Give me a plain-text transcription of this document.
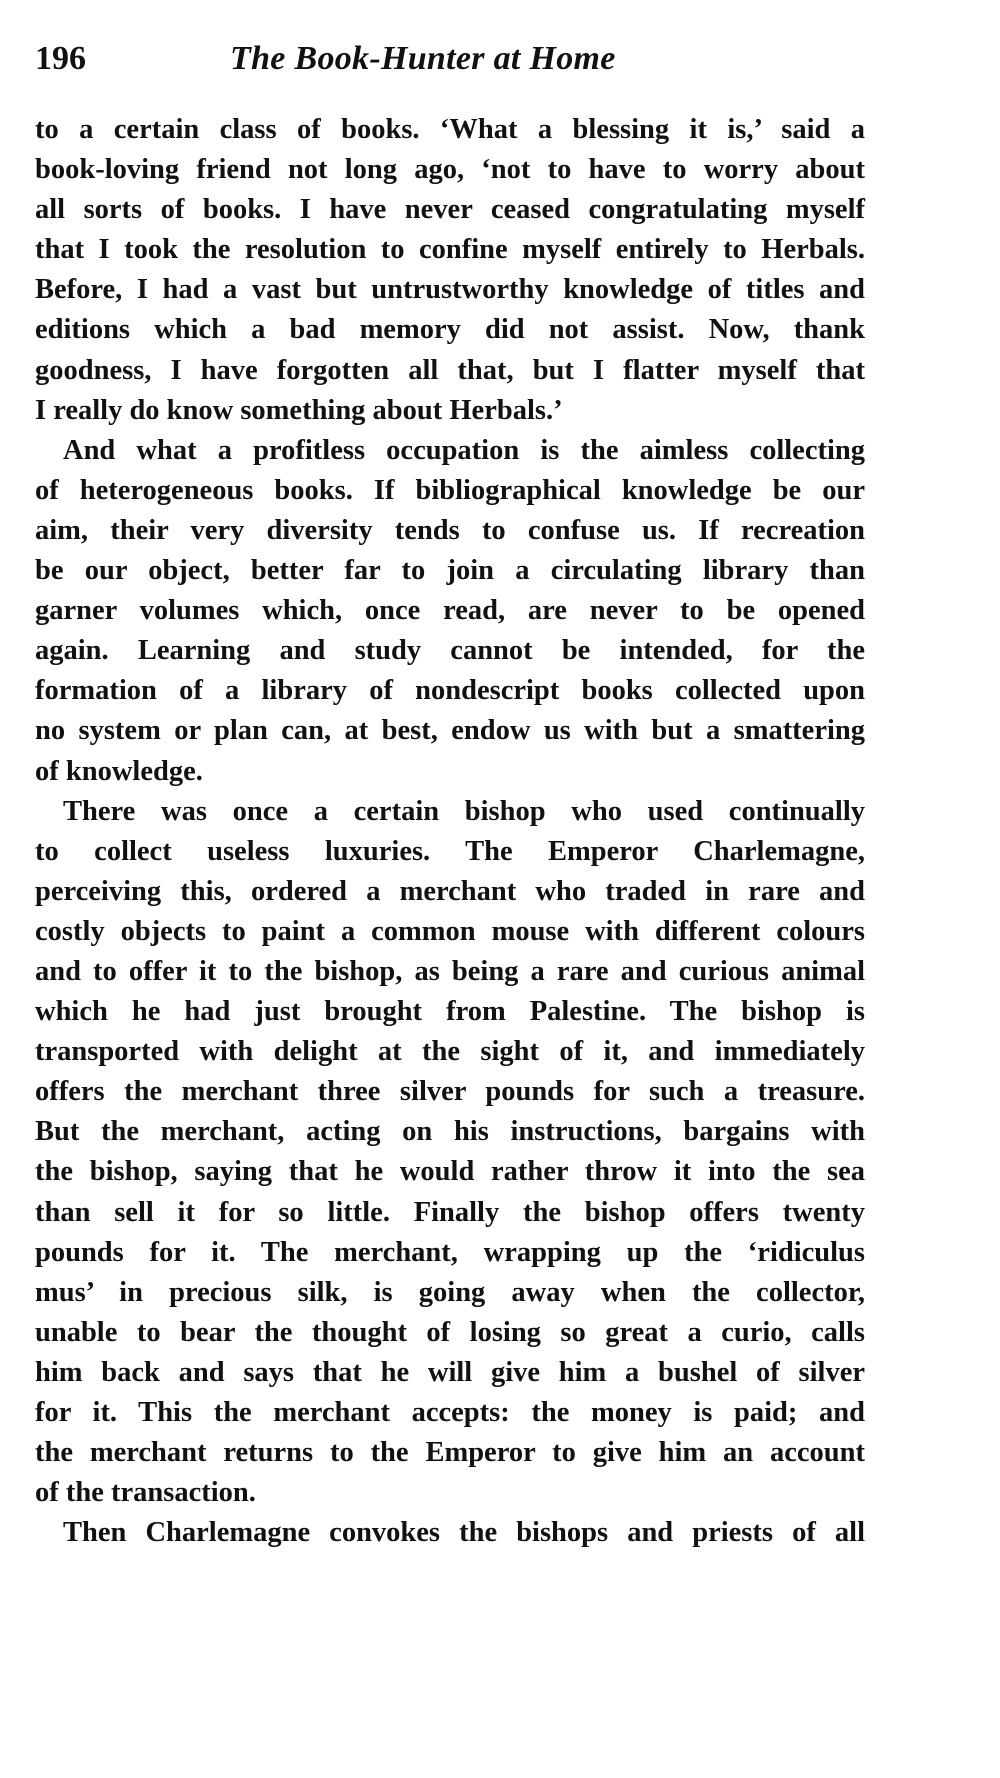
196	The Book-Hunter at Home
to a certain class of books. ‘What a blessing it is,’ said a
book-loving friend not long ago, ‘not to have to worry about
all sorts of books. I have never ceased congratulating myself
that I took the resolution to confine myself entirely to Herbals.
Before, I had a vast but untrustworthy knowledge of titles and
editions which a bad memory did not assist. Now, thank
goodness, I have forgotten all that, but I flatter myself that
I really do know something about Herbals.’
And what a profitless occupation is the aimless collecting
of heterogeneous books. If bibliographical knowledge be our
aim, their very diversity tends to confuse us. If recreation
be our object, better far to join a circulating library than
garner volumes which, once read, are never to be opened
again. Learning and study cannot be intended, for the
formation of a library of nondescript books collected upon
no system or plan can, at best, endow us with but a smattering
of knowledge.
There was once a certain bishop who used continually
to collect useless luxuries. The Emperor Charlemagne,
perceiving this, ordered a merchant who traded in rare and
costly objects to paint a common mouse with different colours
and to offer it to the bishop, as being a rare and curious animal
which he had just brought from Palestine. The bishop is
transported with delight at the sight of it, and immediately
offers the merchant three silver pounds for such a treasure.
But the merchant, acting on his instructions, bargains with
the bishop, saying that he would rather throw it into the sea
than sell it for so little. Finally the bishop offers twenty
pounds for it. The merchant, wrapping up the ‘ridiculus
mus’ in precious silk, is going away when the collector,
unable to bear the thought of losing so great a curio, calls
him back and says that he will give him a bushel of silver
for it. This the merchant accepts: the money is paid; and
the merchant returns to the Emperor to give him an account
of the transaction.
Then Charlemagne convokes the bishops and priests of all
